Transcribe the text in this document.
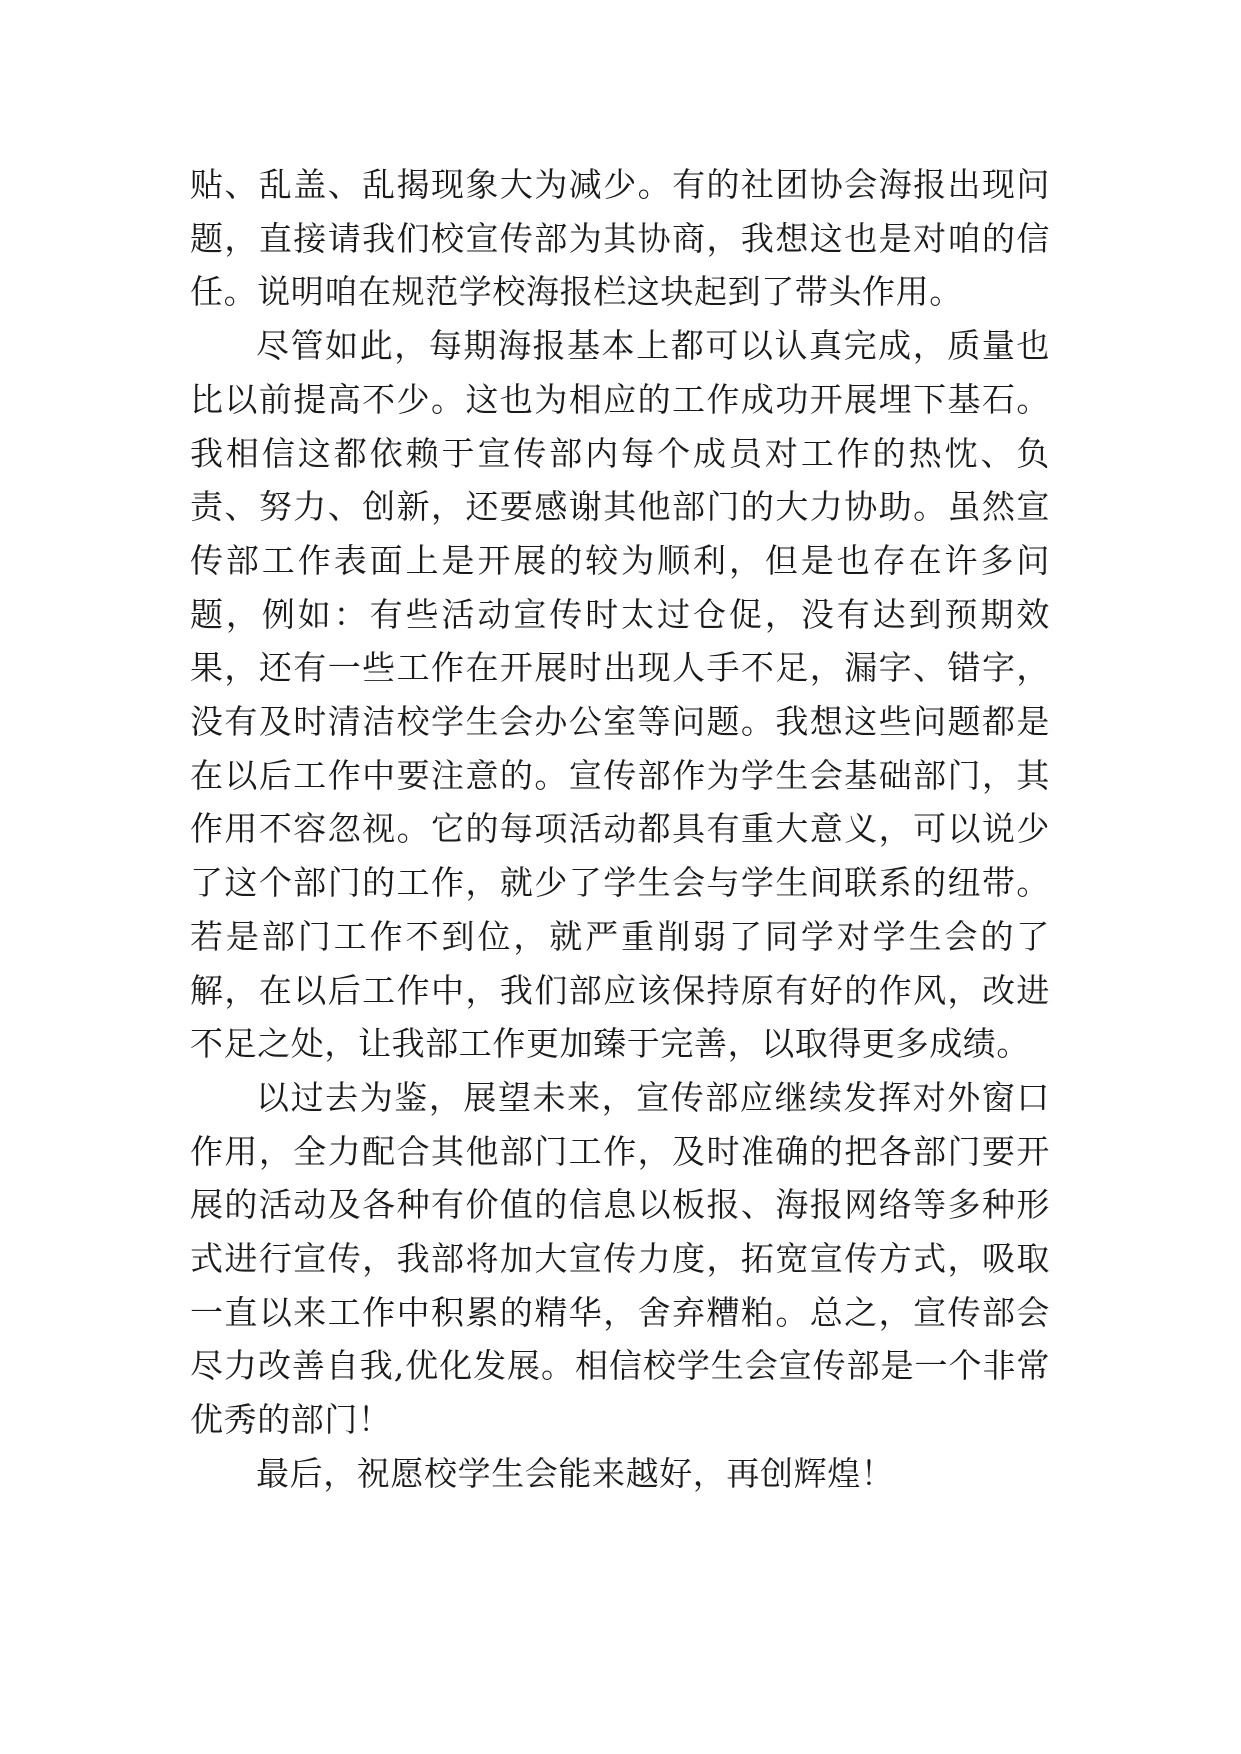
贴、乱盖、乱揭现象大为减少。有的社团协会海报出现问题，直接请我们校宣传部为其协商，我想这也是对咱的信任。说明咱在规范学校海报栏这块起到了带头作用。

尽管如此，每期海报基本上都可以认真完成，质量也比以前提高不少。这也为相应的工作成功开展埋下基石。我相信这都依赖于宣传部内每个成员对工作的热忱、负责、努力、创新，还要感谢其他部门的大力协助。虽然宣传部工作表面上是开展的较为顺利，但是也存在许多问题，例如：有些活动宣传时太过仓促，没有达到预期效果，还有一些工作在开展时出现人手不足，漏字、错字，没有及时清洁校学生会办公室等问题。我想这些问题都是在以后工作中要注意的。宣传部作为学生会基础部门，其作用不容忽视。它的每项活动都具有重大意义，可以说少了这个部门的工作，就少了学生会与学生间联系的纽带。若是部门工作不到位，就严重削弱了同学对学生会的了解，在以后工作中，我们部应该保持原有好的作风，改进不足之处，让我部工作更加臻于完善，以取得更多成绩。

以过去为鉴，展望未来，宣传部应继续发挥对外窗口作用，全力配合其他部门工作，及时准确的把各部门要开展的活动及各种有价值的信息以板报、海报网络等多种形式进行宣传，我部将加大宣传力度，拓宽宣传方式，吸取一直以来工作中积累的精华，舍弃糟粕。总之，宣传部会尽力改善自我,优化发展。相信校学生会宣传部是一个非常优秀的部门！

最后，祝愿校学生会能来越好，再创辉煌！
